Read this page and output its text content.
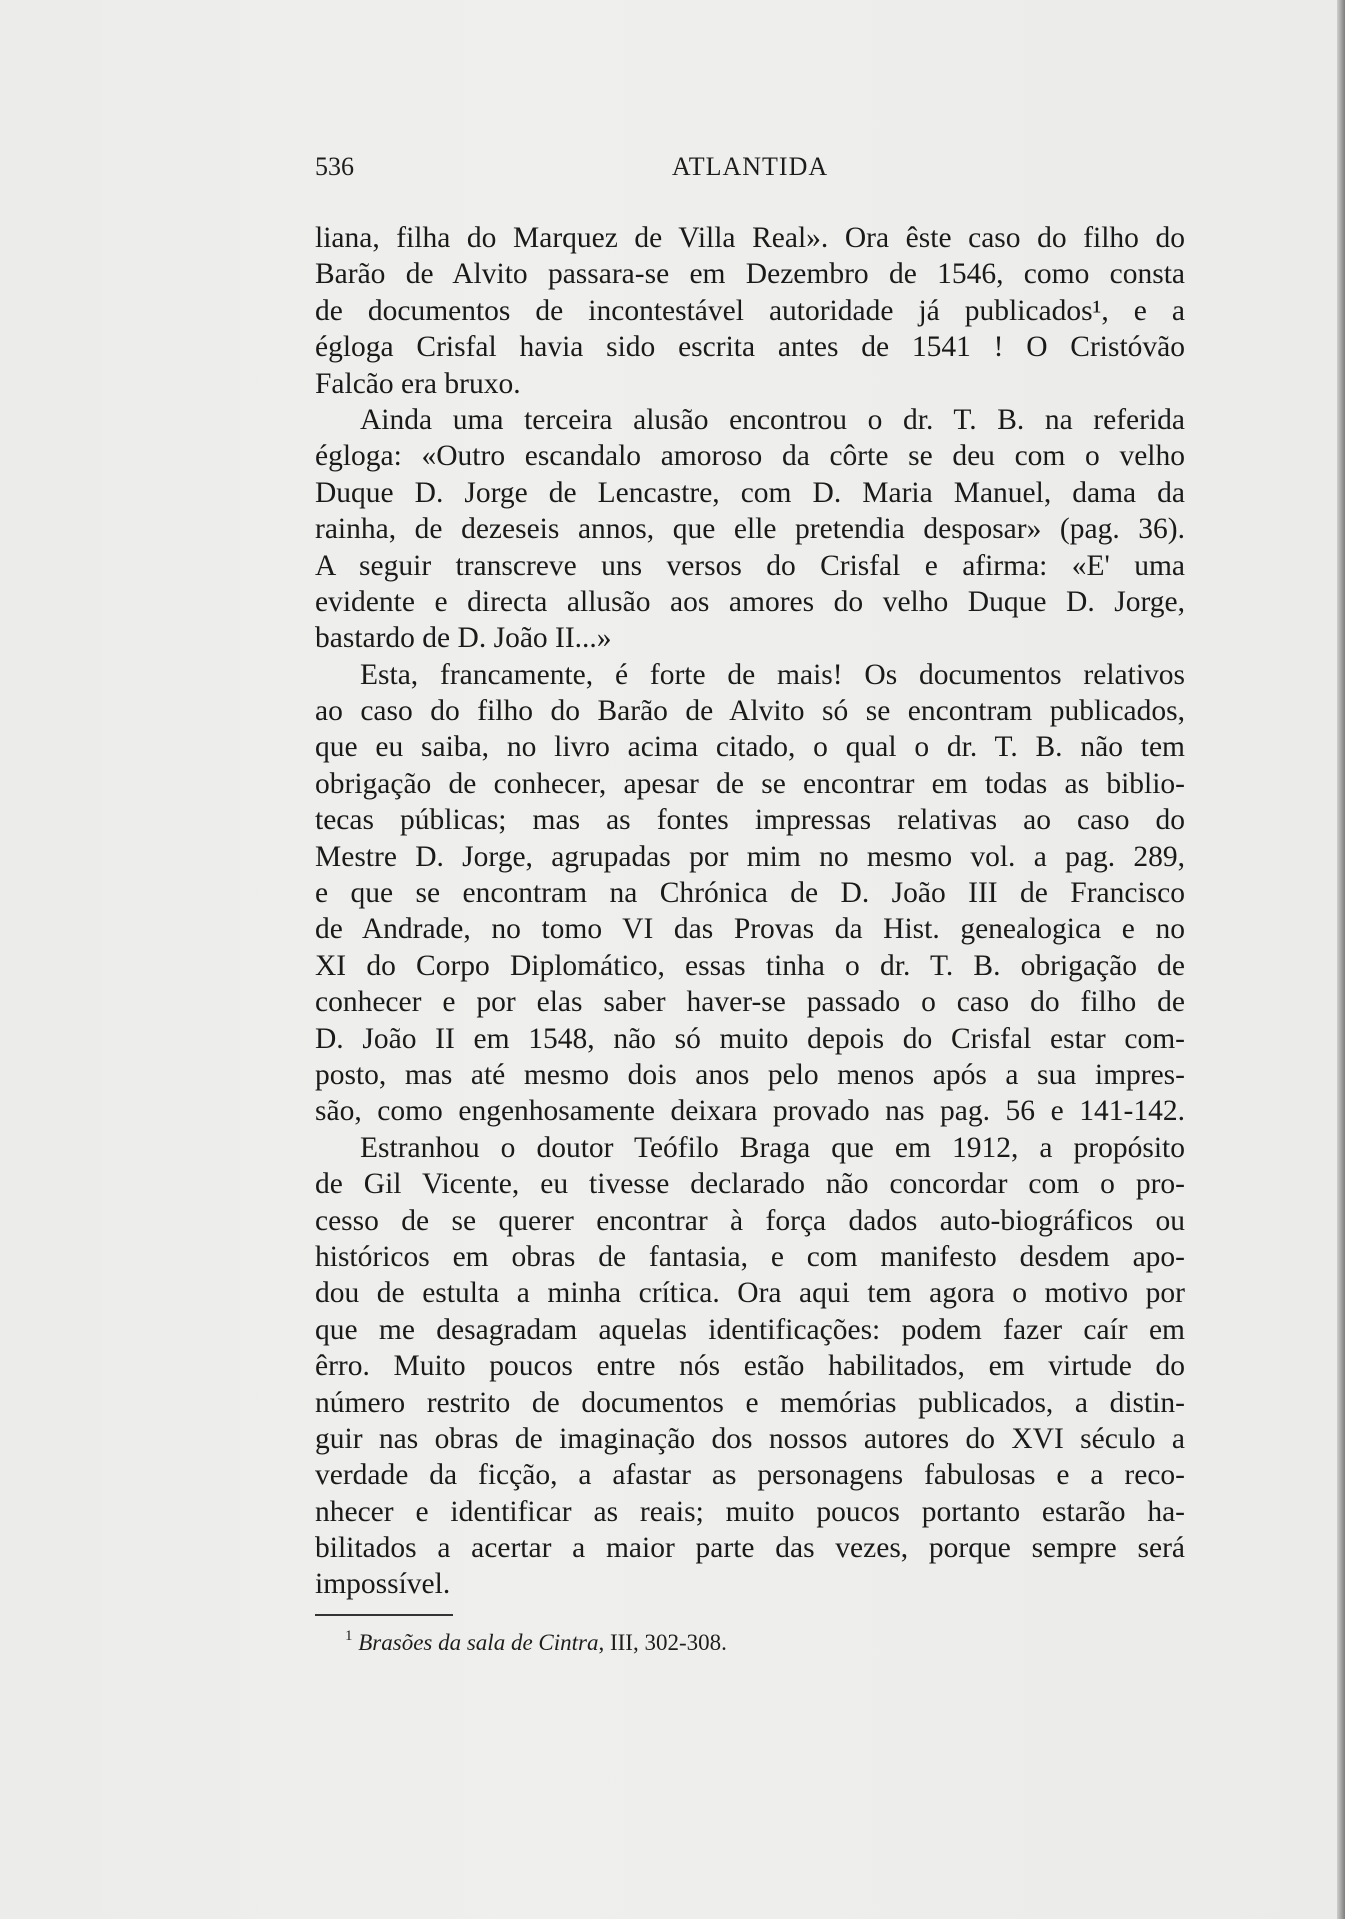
536	ATLANTIDA
liana, filha do Marquez de Villa Real». Ora êste caso do filho do
Barão de Alvito passara-se em Dezembro de 1546, como consta
de documentos de incontestável autoridade já publicados¹, e a
égloga Crisfal havia sido escrita antes de 1541 ! O Cristóvão
Falcão era bruxo.
Ainda uma terceira alusão encontrou o dr. T. B. na referida
égloga: «Outro escandalo amoroso da côrte se deu com o velho
Duque D. Jorge de Lencastre, com D. Maria Manuel, dama da
rainha, de dezeseis annos, que elle pretendia desposar» (pag. 36).
A seguir transcreve uns versos do Crisfal e afirma: «E' uma
evidente e directa allusão aos amores do velho Duque D. Jorge,
bastardo de D. João II...»
Esta, francamente, é forte de mais! Os documentos relativos
ao caso do filho do Barão de Alvito só se encontram publicados,
que eu saiba, no livro acima citado, o qual o dr. T. B. não tem
obrigação de conhecer, apesar de se encontrar em todas as biblio-
tecas públicas; mas as fontes impressas relativas ao caso do
Mestre D. Jorge, agrupadas por mim no mesmo vol. a pag. 289,
e que se encontram na Chrónica de D. João III de Francisco
de Andrade, no tomo VI das Provas da Hist. genealogica e no
XI do Corpo Diplomático, essas tinha o dr. T. B. obrigação de
conhecer e por elas saber haver-se passado o caso do filho de
D. João II em 1548, não só muito depois do Crisfal estar com-
posto, mas até mesmo dois anos pelo menos após a sua impres-
são, como engenhosamente deixara provado nas pag. 56 e 141-142.
Estranhou o doutor Teófilo Braga que em 1912, a propósito
de Gil Vicente, eu tivesse declarado não concordar com o pro-
cesso de se querer encontrar à força dados auto-biográficos ou
históricos em obras de fantasia, e com manifesto desdem apo-
dou de estulta a minha crítica. Ora aqui tem agora o motivo por
que me desagradam aquelas identificações: podem fazer caír em
êrro. Muito poucos entre nós estão habilitados, em virtude do
número restrito de documentos e memórias publicados, a distin-
guir nas obras de imaginação dos nossos autores do XVI século a
verdade da ficção, a afastar as personagens fabulosas e a reco-
nhecer e identificar as reais; muito poucos portanto estarão ha-
bilitados a acertar a maior parte das vezes, porque sempre será
impossível.
$^1$ Brasões da sala de Cintra, III, 302-308.
